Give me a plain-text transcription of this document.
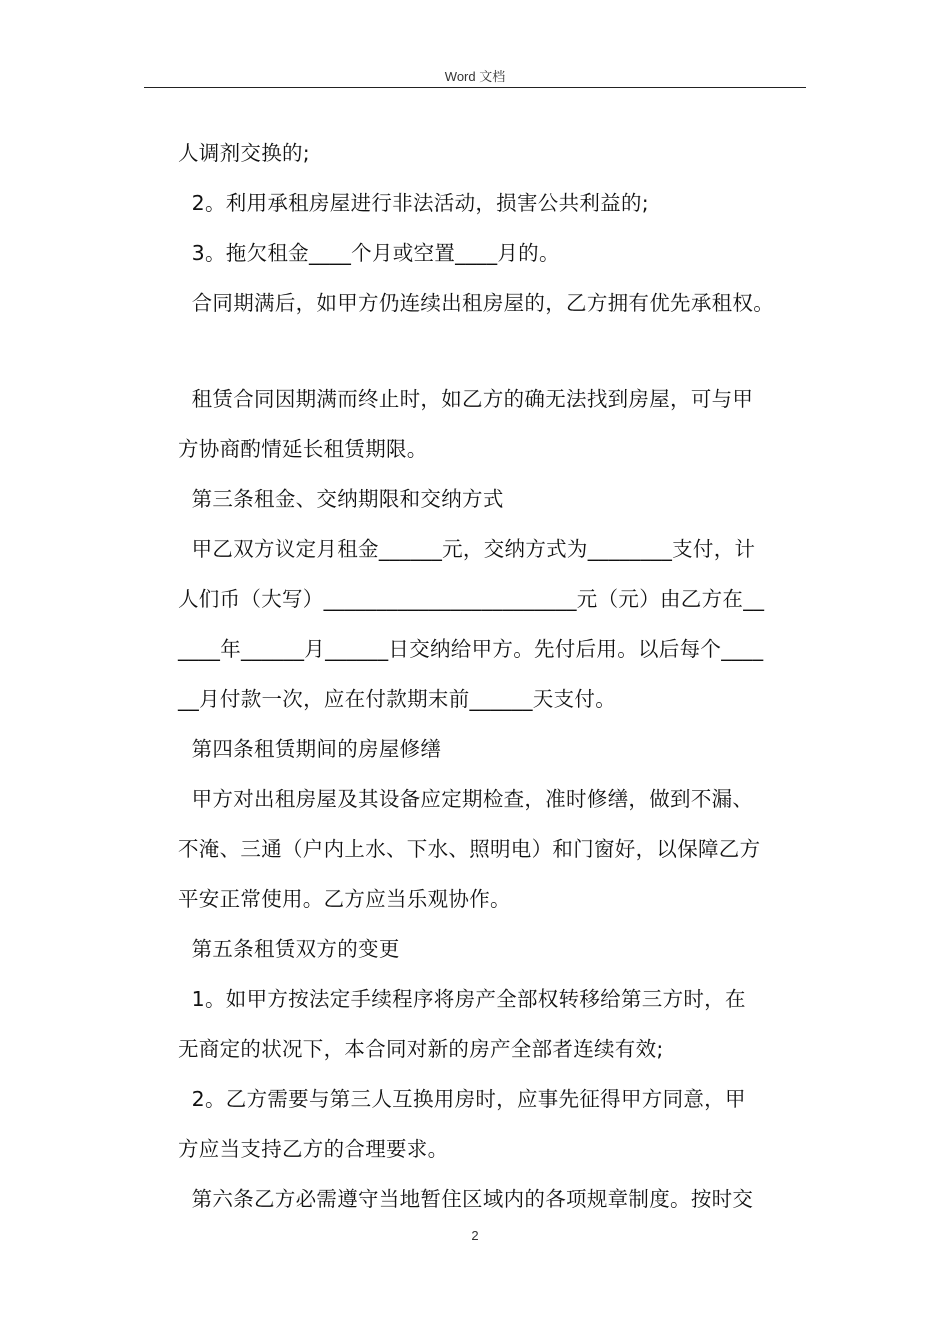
Word 文档
人调剂交换的;
2。利用承租房屋进行非法活动，损害公共利益的;
3。拖欠租金____个月或空置____月的。
合同期满后，如甲方仍连续出租房屋的，乙方拥有优先承租权。
租赁合同因期满而终止时，如乙方的确无法找到房屋，可与甲
方协商酌情延长租赁期限。
第三条租金、交纳期限和交纳方式
甲乙双方议定月租金______元，交纳方式为________支付，计
人们币（大写）________________________元（元）由乙方在__
____年______月______日交纳给甲方。先付后用。以后每个____
__月付款一次，应在付款期末前______天支付。
第四条租赁期间的房屋修缮
甲方对出租房屋及其设备应定期检查，准时修缮，做到不漏、
不淹、三通（户内上水、下水、照明电）和门窗好，以保障乙方
平安正常使用。乙方应当乐观协作。
第五条租赁双方的变更
1。如甲方按法定手续程序将房产全部权转移给第三方时，在
无商定的状况下，本合同对新的房产全部者连续有效;
2。乙方需要与第三人互换用房时，应事先征得甲方同意，甲
方应当支持乙方的合理要求。
第六条乙方必需遵守当地暂住区域内的各项规章制度。按时交
2
